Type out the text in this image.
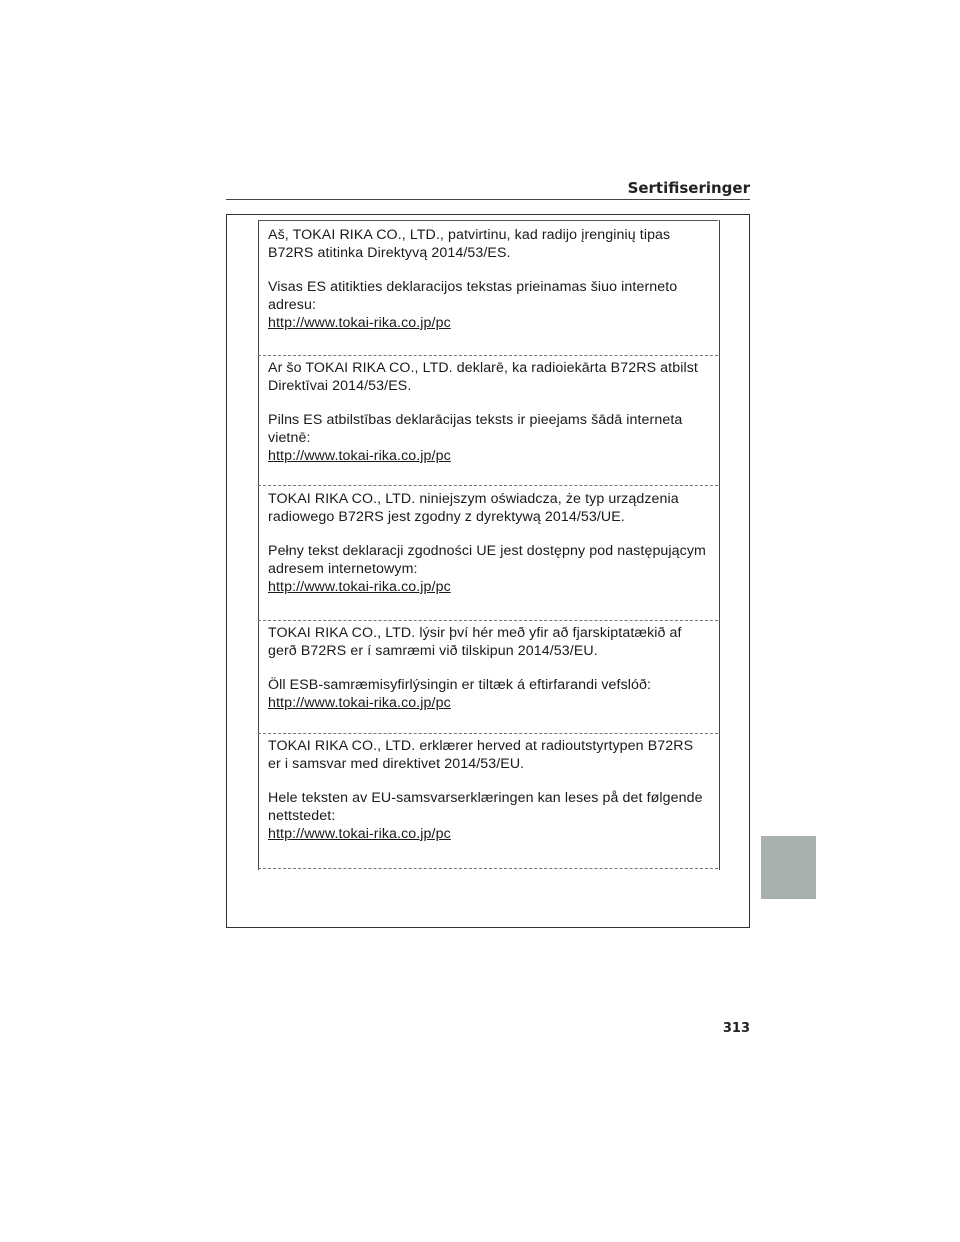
Sertifiseringer

Aš, TOKAI RIKA CO., LTD., patvirtinu, kad radijo įrenginių tipas B72RS atitinka Direktyvą 2014/53/ES.

Visas ES atitikties deklaracijos tekstas prieinamas šiuo interneto adresu:

http://www.tokai-rika.co.jp/pc

Ar šo TOKAI RIKA CO., LTD. deklarē, ka radioiekārta B72RS atbilst Direktīvai 2014/53/ES.

Pilns ES atbilstības deklarācijas teksts ir pieejams šādā interneta vietnē:

http://www.tokai-rika.co.jp/pc

TOKAI RIKA CO., LTD. niniejszym oświadcza, że typ urządzenia radiowego B72RS jest zgodny z dyrektywą 2014/53/UE.

Pełny tekst deklaracji zgodności UE jest dostępny pod następującym adresem internetowym:

http://www.tokai-rika.co.jp/pc

TOKAI RIKA CO., LTD. lýsir því hér með yfir að fjarskiptatækið af gerð B72RS er í samræmi við tilskipun 2014/53/EU.

Öll ESB-samræmisyfirlýsingin er tiltæk á eftirfarandi vefslóð:

http://www.tokai-rika.co.jp/pc

TOKAI RIKA CO., LTD. erklærer herved at radioutstyrtypen B72RS er i samsvar med direktivet 2014/53/EU.

Hele teksten av EU-samsvarserklæringen kan leses på det følgende nettstedet:

http://www.tokai-rika.co.jp/pc

313
